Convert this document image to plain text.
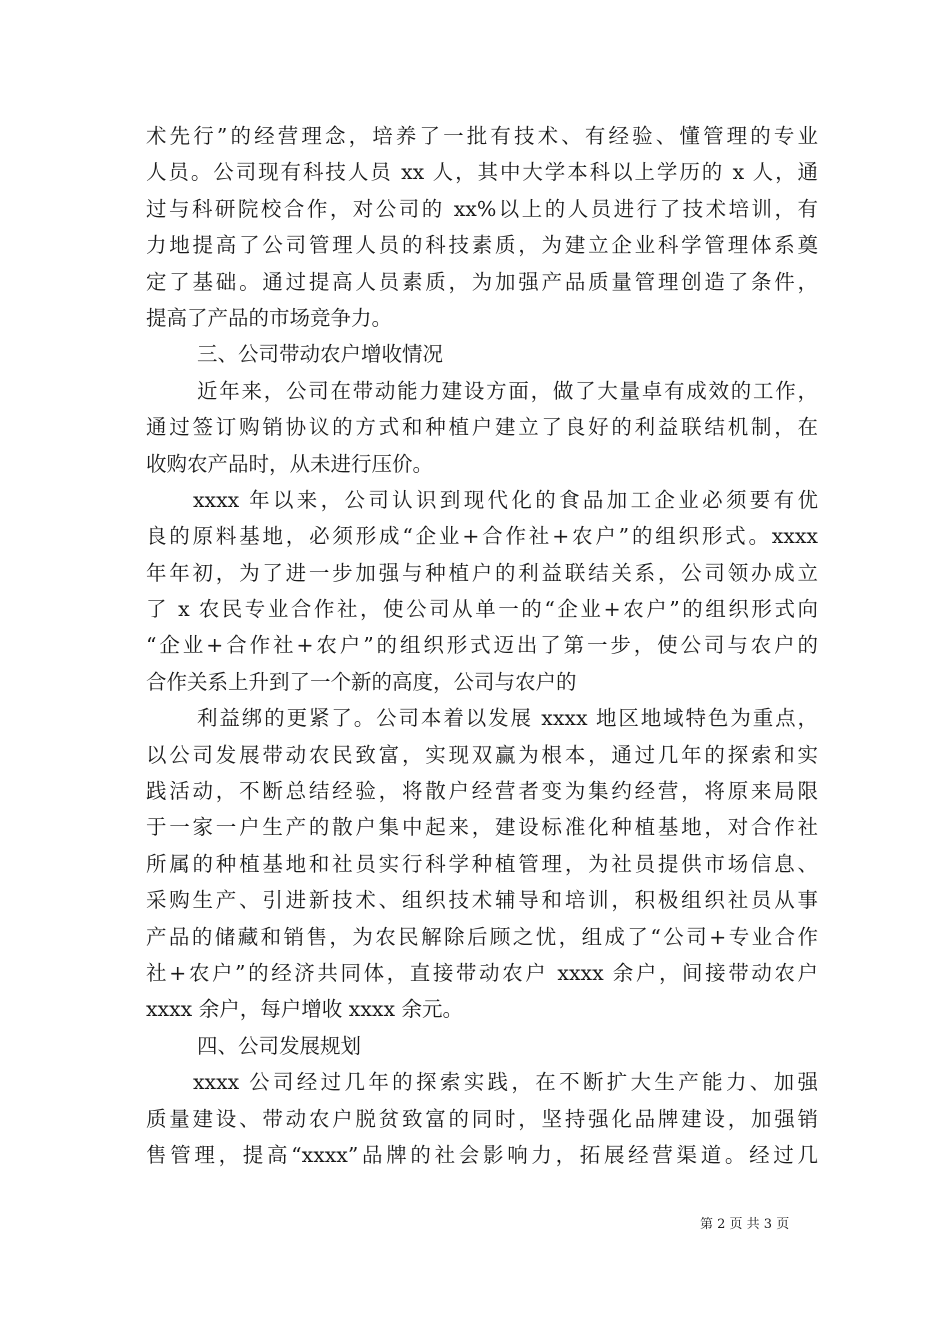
术先行”的经营理念，培养了一批有技术、有经验、懂管理的专业
人员。公司现有科技人员 xx 人，其中大学本科以上学历的 x 人，通
过与科研院校合作，对公司的 xx%以上的人员进行了技术培训，有
力地提高了公司管理人员的科技素质，为建立企业科学管理体系奠
定了基础。通过提高人员素质，为加强产品质量管理创造了条件，
提高了产品的市场竞争力。
三、公司带动农户增收情况
近年来，公司在带动能力建设方面，做了大量卓有成效的工作，
通过签订购销协议的方式和种植户建立了良好的利益联结机制，在
收购农产品时，从未进行压价。
xxxx 年以来，公司认识到现代化的食品加工企业必须要有优
良的原料基地，必须形成“企业+合作社+农户”的组织形式。xxxx
年年初，为了进一步加强与种植户的利益联结关系，公司领办成立
了 x 农民专业合作社，使公司从单一的“企业+农户”的组织形式向
“企业+合作社+农户”的组织形式迈出了第一步，使公司与农户的
合作关系上升到了一个新的高度，公司与农户的
利益绑的更紧了。公司本着以发展 xxxx 地区地域特色为重点，
以公司发展带动农民致富，实现双赢为根本，通过几年的探索和实
践活动，不断总结经验，将散户经营者变为集约经营，将原来局限
于一家一户生产的散户集中起来，建设标准化种植基地，对合作社
所属的种植基地和社员实行科学种植管理，为社员提供市场信息、
采购生产、引进新技术、组织技术辅导和培训，积极组织社员从事
产品的储藏和销售，为农民解除后顾之忧，组成了“公司+专业合作
社+农户”的经济共同体，直接带动农户 xxxx 余户，间接带动农户
xxxx 余户，每户增收 xxxx 余元。
四、公司发展规划
xxxx 公司经过几年的探索实践，在不断扩大生产能力、加强
质量建设、带动农户脱贫致富的同时，坚持强化品牌建设，加强销
售管理，提高“xxxx”品牌的社会影响力，拓展经营渠道。经过几
第 2 页 共 3 页
